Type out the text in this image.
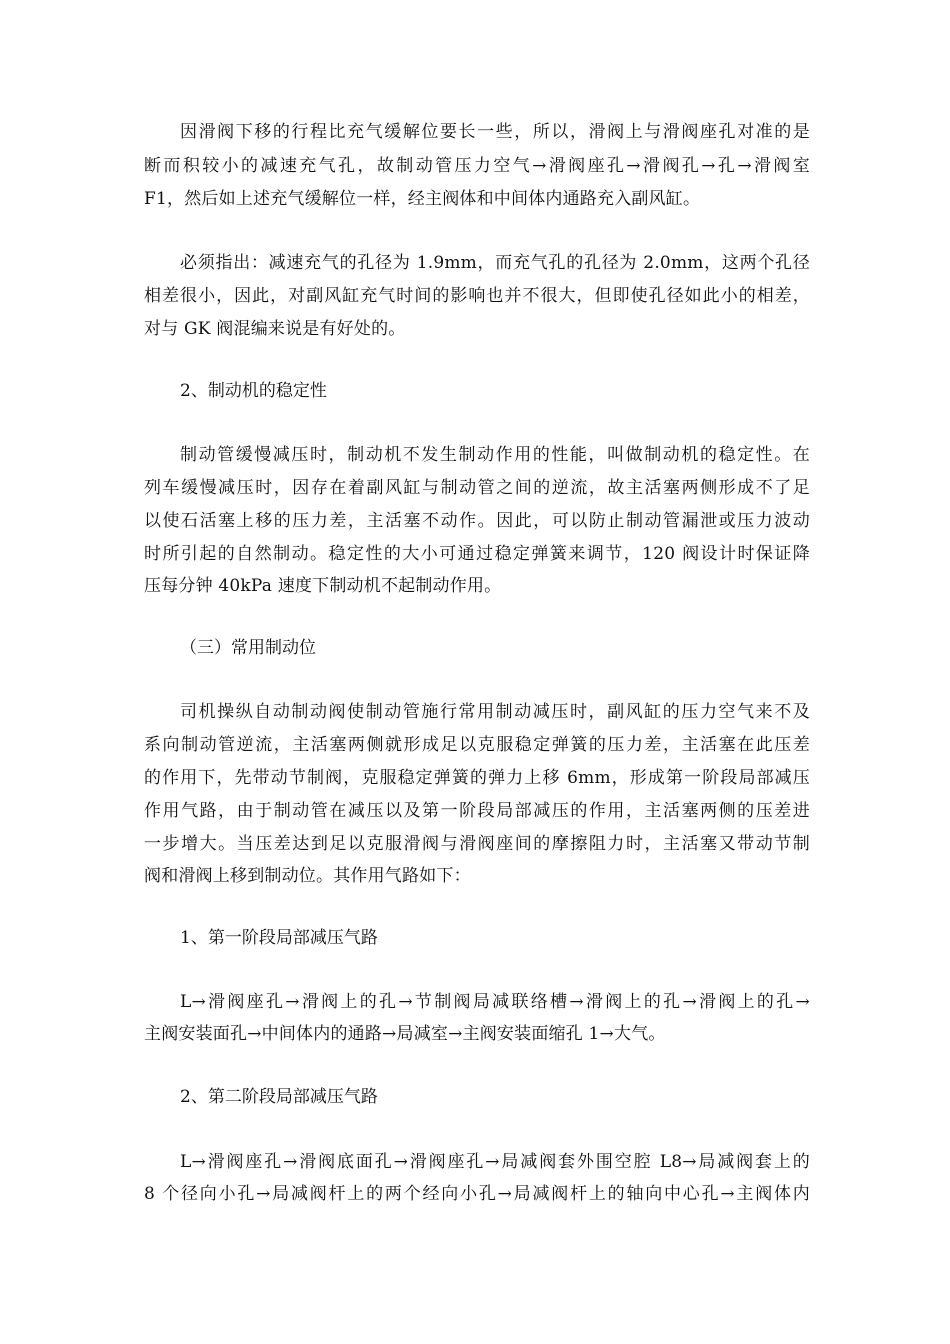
因滑阀下移的行程比充气缓解位要长一些，所以，滑阀上与滑阀座孔对准的是
断而积较小的减速充气孔，故制动管压力空气→滑阀座孔→滑阀孔→孔→滑阀室
F1，然后如上述充气缓解位一样，经主阀体和中间体内通路充入副风缸。
必须指出：减速充气的孔径为 1.9mm，而充气孔的孔径为 2.0mm，这两个孔径
相差很小，因此，对副风缸充气时间的影响也并不很大，但即使孔径如此小的相差，
对与 GK 阀混编来说是有好处的。
2、制动机的稳定性
制动管缓慢减压时，制动机不发生制动作用的性能，叫做制动机的稳定性。在
列车缓慢减压时，因存在着副风缸与制动管之间的逆流，故主活塞两侧形成不了足
以使石活塞上移的压力差，主活塞不动作。因此，可以防止制动管漏泄或压力波动
时所引起的自然制动。稳定性的大小可通过稳定弹簧来调节，120 阀设计时保证降
压每分钟 40kPa 速度下制动机不起制动作用。
（三）常用制动位
司机操纵自动制动阀使制动管施行常用制动减压时，副风缸的压力空气来不及
系向制动管逆流，主活塞两侧就形成足以克服稳定弹簧的压力差，主活塞在此压差
的作用下，先带动节制阀，克服稳定弹簧的弹力上移 6mm，形成第一阶段局部减压
作用气路，由于制动管在减压以及第一阶段局部减压的作用，主活塞两侧的压差进
一步增大。当压差达到足以克服滑阀与滑阀座间的摩擦阻力时，主活塞又带动节制
阀和滑阀上移到制动位。其作用气路如下：
1、第一阶段局部减压气路
L→滑阀座孔→滑阀上的孔→节制阀局减联络槽→滑阀上的孔→滑阀上的孔→
主阀安装面孔→中间体内的通路→局减室→主阀安装面缩孔 1→大气。
2、第二阶段局部减压气路
L→滑阀座孔→滑阀底面孔→滑阀座孔→局减阀套外围空腔 L8→局减阀套上的
8 个径向小孔→局减阀杆上的两个经向小孔→局减阀杆上的轴向中心孔→主阀体内
